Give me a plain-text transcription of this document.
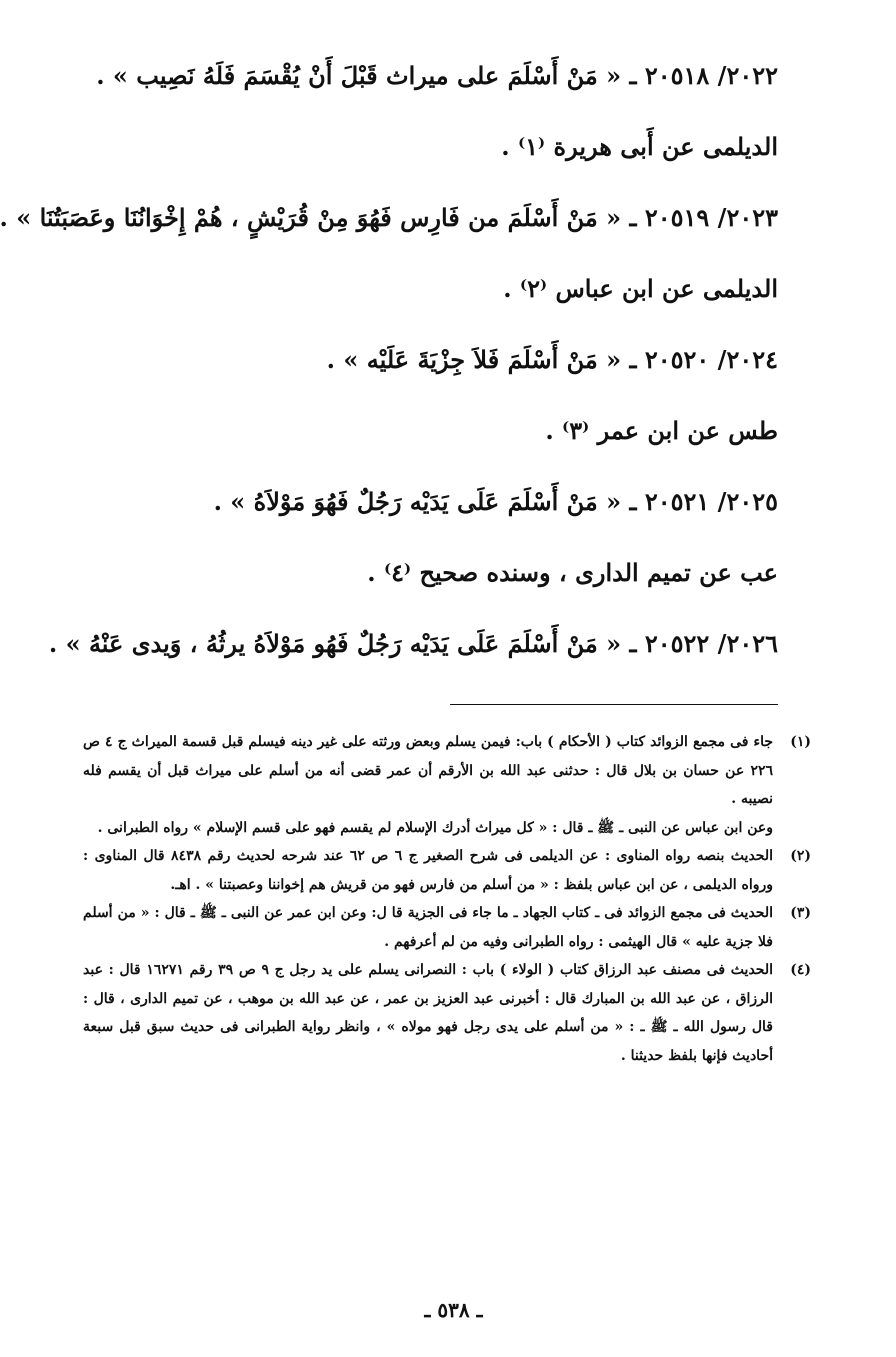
٢٠٢٢/ ٢٠٥١٨ ـ « مَنْ أَسْلَمَ على ميراث قَبْلَ أَنْ يُقْسَمَ فَلَهُ نَصِيب » .
الديلمى عن أَبى هريرة ⁽١⁾ .
٢٠٢٣/ ٢٠٥١٩ ـ « مَنْ أَسْلَمَ من فَارِس فَهُوَ مِنْ قُرَيْشٍ ، هُمْ إِخْوَانُنَا وعَصَبَتُنَا » .
الديلمى عن ابن عباس ⁽٢⁾ .
٢٠٢٤/ ٢٠٥٢٠ ـ « مَنْ أَسْلَمَ فَلاَ جِزْيَةَ عَلَيْه » .
طس عن ابن عمر ⁽٣⁾ .
٢٠٢٥/ ٢٠٥٢١ ـ « مَنْ أَسْلَمَ عَلَى يَدَيْه رَجُلٌ فَهُوَ مَوْلاَهُ » .
عب عن تميم الدارى ، وسنده صحيح ⁽٤⁾ .
٢٠٢٦/ ٢٠٥٢٢ ـ « مَنْ أَسْلَمَ عَلَى يَدَيْه رَجُلٌ فَهُو مَوْلاَهُ يرثُهُ ، وَيدى عَنْهُ » .
(١)

جاء فى مجمع الزوائد كتاب ( الأحكام ) باب: فيمن يسلم وبعض ورثته على غير دينه فيسلم قبل قسمة الميراث ج ٤ ص ٢٢٦ عن حسان بن بلال قال : حدثنى عبد الله بن الأرقم أن عمر قضى أنه من أسلم على ميراث قبل أن يقسم فله نصيبه .

وعن ابن عباس عن النبى ـ ﷺ ـ قال : « كل ميراث أدرك الإسلام لم يقسم فهو على قسم الإسلام » رواه الطبرانى .

(٢)

الحديث بنصه رواه المناوى : عن الديلمى فى شرح الصغير ج ٦ ص ٦٢ عند شرحه لحديث رقم ٨٤٣٨ قال المناوى : ورواه الديلمى ، عن ابن عباس بلفظ : « من أسلم من فارس فهو من قريش هم إخواننا وعصبتنا » . اهـ.

(٣)

الحديث فى مجمع الزوائد فى ـ كتاب الجهاد ـ ما جاء فى الجزية قا ل: وعن ابن عمر عن النبى ـ ﷺ ـ قال : « من أسلم فلا جزية عليه » قال الهيثمى : رواه الطبرانى وفيه من لم أعرفهم .

(٤)

الحديث فى مصنف عبد الرزاق كتاب ( الولاء ) باب : النصرانى يسلم على يد رجل ج ٩ ص ٣٩ رقم ١٦٢٧١ قال : عبد الرزاق ، عن عبد الله بن المبارك قال : أخبرنى عبد العزيز بن عمر ، عن عبد الله بن موهب ، عن تميم الدارى ، قال : قال رسول الله ـ ﷺ ـ : « من أسلم على يدى رجل فهو مولاه » ، وانظر رواية الطبرانى فى حديث سبق قبل سبعة أحاديث فإنها بلفظ حديثنا .

ـ ٥٣٨ ـ
